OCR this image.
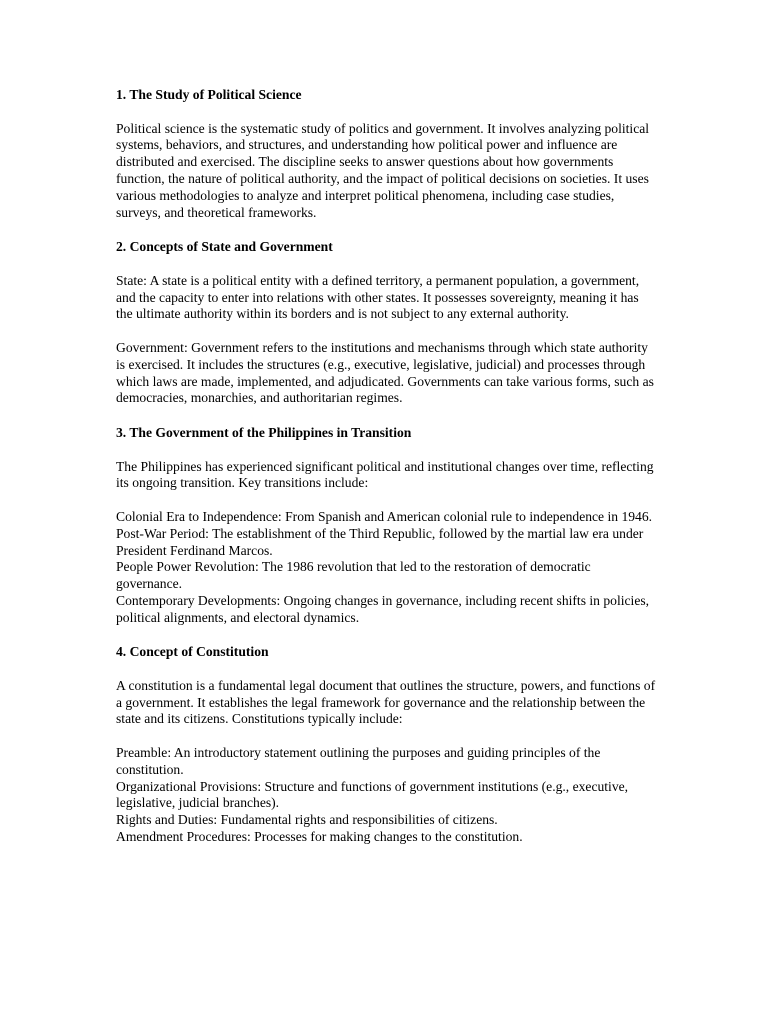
1. The Study of Political Science

Political science is the systematic study of politics and government. It involves analyzing political systems, behaviors, and structures, and understanding how political power and influence are distributed and exercised. The discipline seeks to answer questions about how governments function, the nature of political authority, and the impact of political decisions on societies. It uses various methodologies to analyze and interpret political phenomena, including case studies, surveys, and theoretical frameworks.

2. Concepts of State and Government

State: A state is a political entity with a defined territory, a permanent population, a government, and the capacity to enter into relations with other states. It possesses sovereignty, meaning it has the ultimate authority within its borders and is not subject to any external authority.

Government: Government refers to the institutions and mechanisms through which state authority is exercised. It includes the structures (e.g., executive, legislative, judicial) and processes through which laws are made, implemented, and adjudicated. Governments can take various forms, such as democracies, monarchies, and authoritarian regimes.

3. The Government of the Philippines in Transition

The Philippines has experienced significant political and institutional changes over time, reflecting its ongoing transition. Key transitions include:

Colonial Era to Independence: From Spanish and American colonial rule to independence in 1946.

Post-War Period: The establishment of the Third Republic, followed by the martial law era under President Ferdinand Marcos.

People Power Revolution: The 1986 revolution that led to the restoration of democratic governance.

Contemporary Developments: Ongoing changes in governance, including recent shifts in policies, political alignments, and electoral dynamics.

4. Concept of Constitution

A constitution is a fundamental legal document that outlines the structure, powers, and functions of a government. It establishes the legal framework for governance and the relationship between the state and its citizens. Constitutions typically include:

Preamble: An introductory statement outlining the purposes and guiding principles of the constitution.

Organizational Provisions: Structure and functions of government institutions (e.g., executive, legislative, judicial branches).

Rights and Duties: Fundamental rights and responsibilities of citizens.

Amendment Procedures: Processes for making changes to the constitution.
